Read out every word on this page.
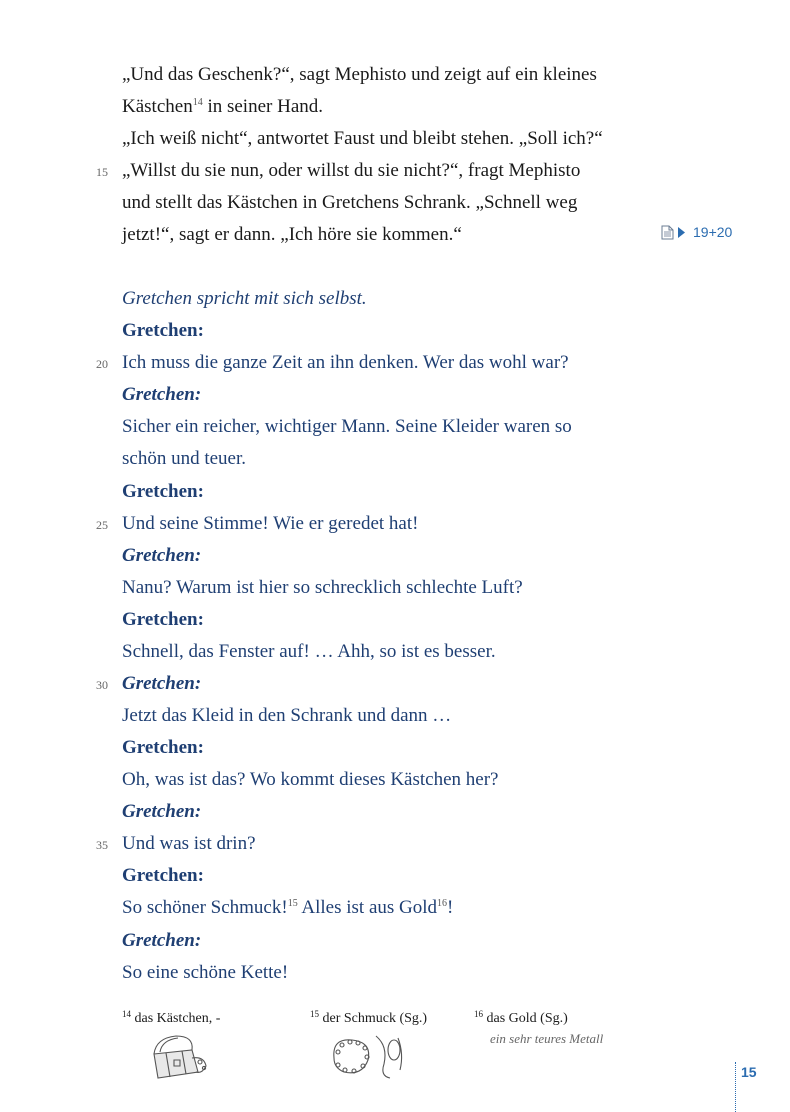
„Und das Geschenk?“, sagt Mephisto und zeigt auf ein kleines
Kästchen$^{14}$ in seiner Hand.
„Ich weiß nicht“, antwortet Faust und bleibt stehen. „Soll ich?“
15 „Willst du sie nun, oder willst du sie nicht?“, fragt Mephisto
und stellt das Kästchen in Gretchens Schrank. „Schnell weg
jetzt!“, sagt er dann. „Ich höre sie kommen.“	19+20
Gretchen spricht mit sich selbst.
Gretchen:
20 Ich muss die ganze Zeit an ihn denken. Wer das wohl war?
Gretchen:
Sicher ein reicher, wichtiger Mann. Seine Kleider waren so
schön und teuer.
Gretchen:
25 Und seine Stimme! Wie er geredet hat!
Gretchen:
Nanu? Warum ist hier so schrecklich schlechte Luft?
Gretchen:
Schnell, das Fenster auf! … Ahh, so ist es besser.
30 Gretchen:
Jetzt das Kleid in den Schrank und dann …
Gretchen:
Oh, was ist das? Wo kommt dieses Kästchen her?
Gretchen:
35 Und was ist drin?
Gretchen:
So schöner Schmuck!$^{15}$ Alles ist aus Gold$^{16}$!
Gretchen:
So eine schöne Kette!
$^{14}$ das Kästchen, -	$^{15}$ der Schmuck (Sg.)	$^{16}$ das Gold (Sg.)
ein sehr teures Metall
15
